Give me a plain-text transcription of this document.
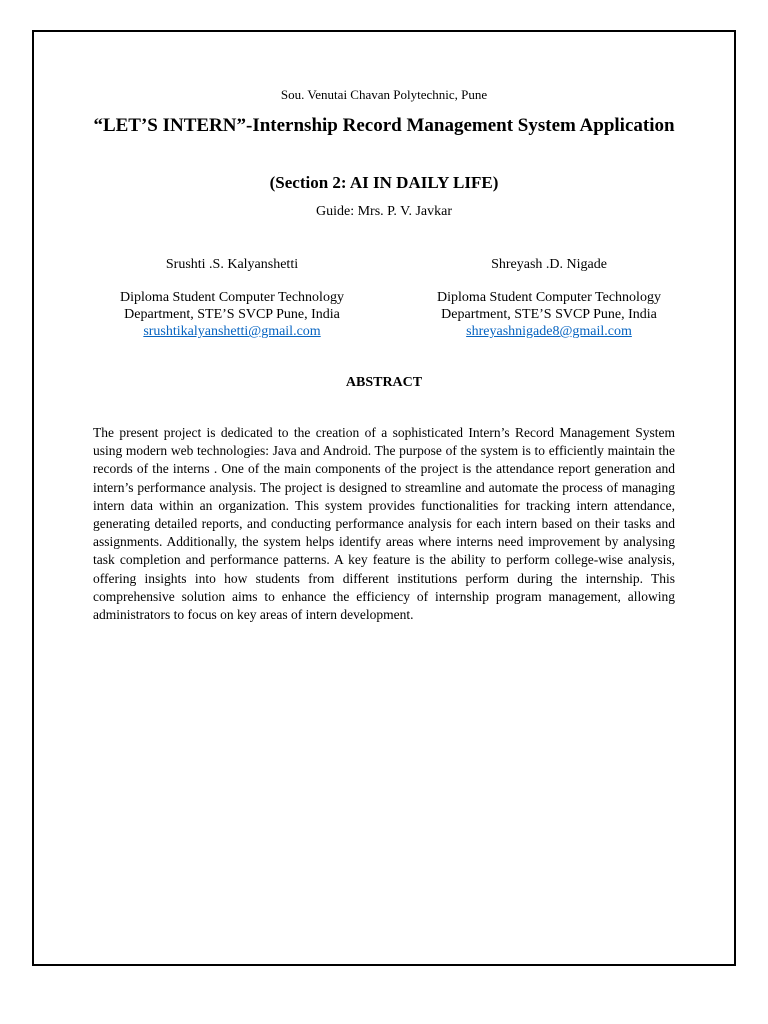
Sou. Venutai Chavan Polytechnic, Pune
“LET’S INTERN”-Internship Record Management System Application
(Section 2: AI IN DAILY LIFE)
Guide: Mrs. P. V. Javkar
Srushti .S. Kalyanshetti
Diploma Student Computer Technology
Department, STE’S SVCP Pune, India
srushtikalyanshetti@gmail.com
Shreyash .D. Nigade
Diploma Student Computer Technology
Department, STE’S SVCP Pune, India
shreyashnigade8@gmail.com
ABSTRACT
The present project is dedicated to the creation of a sophisticated Intern’s Record Management System using modern web technologies: Java and Android. The purpose of the system is to efficiently maintain the records of the interns . One of the main components of the project is the attendance report generation and intern’s performance analysis. The project is designed to streamline and automate the process of managing intern data within an organization. This system provides functionalities for tracking intern attendance, generating detailed reports, and conducting performance analysis for each intern based on their tasks and assignments. Additionally, the system helps identify areas where interns need improvement by analysing task completion and performance patterns. A key feature is the ability to perform college-wise analysis, offering insights into how students from different institutions perform during the internship. This comprehensive solution aims to enhance the efficiency of internship program management, allowing administrators to focus on key areas of intern development.
